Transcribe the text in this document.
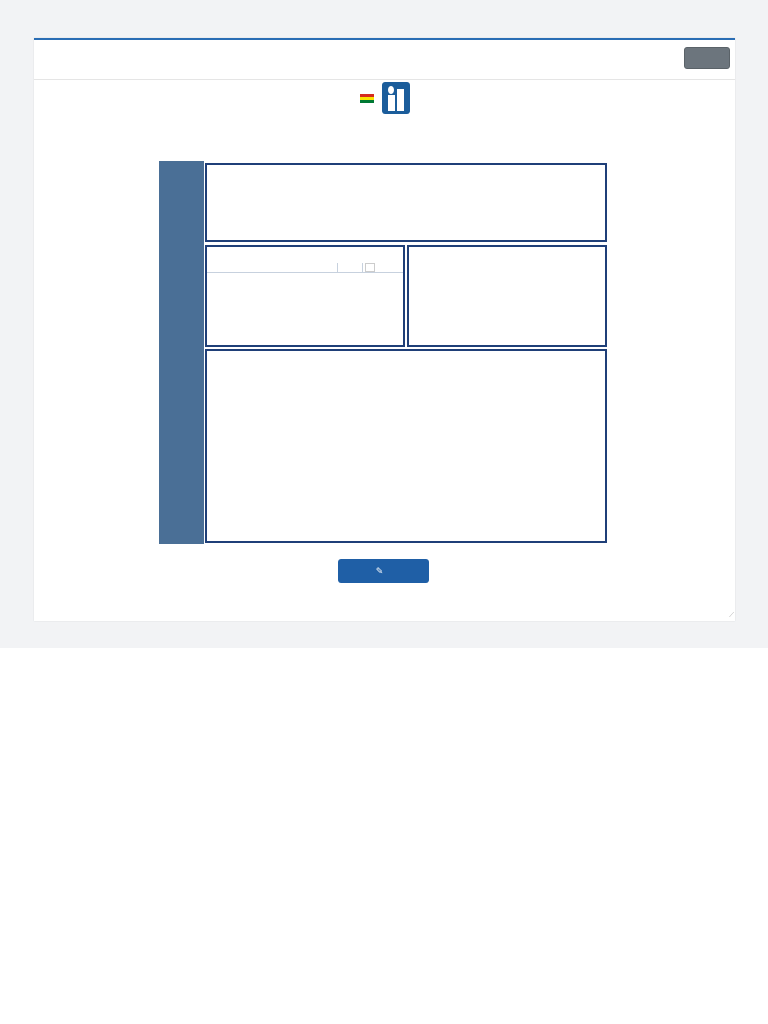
✎
⟋
